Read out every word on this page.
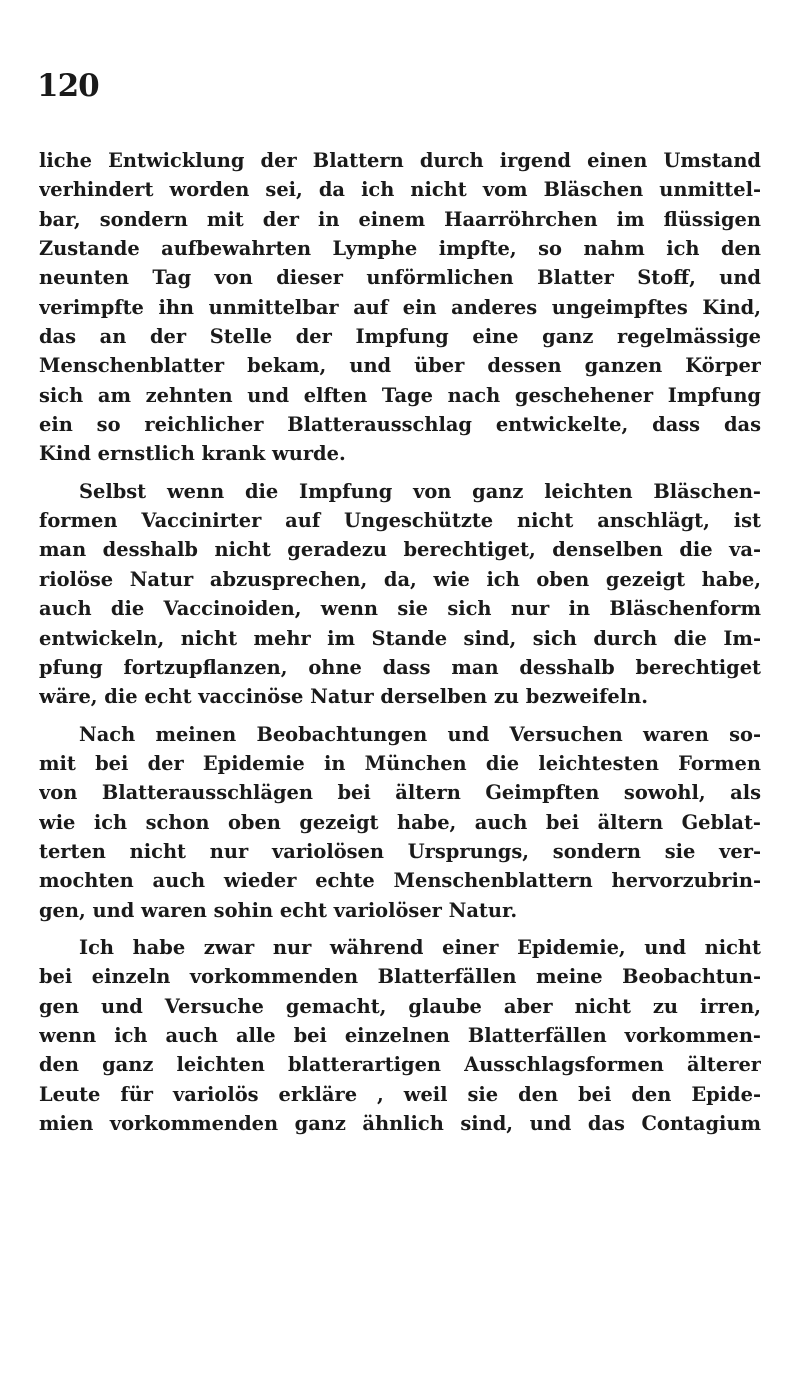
120
liche Entwicklung der Blattern durch irgend einen Umstand
verhindert worden sei, da ich nicht vom Bläschen unmittel-
bar, sondern mit der in einem Haarröhrchen im flüssigen
Zustande aufbewahrten Lymphe impfte, so nahm ich den
neunten Tag von dieser unförmlichen Blatter Stoff, und
verimpfte ihn unmittelbar auf ein anderes ungeimpftes Kind,
das an der Stelle der Impfung eine ganz regelmässige
Menschenblatter bekam, und über dessen ganzen Körper
sich am zehnten und elften Tage nach geschehener Impfung
ein so reichlicher Blatterausschlag entwickelte, dass das
Kind ernstlich krank wurde.
Selbst wenn die Impfung von ganz leichten Bläschen-
formen Vaccinirter auf Ungeschützte nicht anschlägt, ist
man desshalb nicht geradezu berechtiget, denselben die va-
riolöse Natur abzusprechen, da, wie ich oben gezeigt habe,
auch die Vaccinoiden, wenn sie sich nur in Bläschenform
entwickeln, nicht mehr im Stande sind, sich durch die Im-
pfung fortzupflanzen, ohne dass man desshalb berechtiget
wäre, die echt vaccinöse Natur derselben zu bezweifeln.
Nach meinen Beobachtungen und Versuchen waren so-
mit bei der Epidemie in München die leichtesten Formen
von Blatterausschlägen bei ältern Geimpften sowohl, als
wie ich schon oben gezeigt habe, auch bei ältern Geblat-
terten nicht nur variolösen Ursprungs, sondern sie ver-
mochten auch wieder echte Menschenblattern hervorzubrin-
gen, und waren sohin echt variolöser Natur.
Ich habe zwar nur während einer Epidemie, und nicht
bei einzeln vorkommenden Blatterfällen meine Beobachtun-
gen und Versuche gemacht, glaube aber nicht zu irren,
wenn ich auch alle bei einzelnen Blatterfällen vorkommen-
den ganz leichten blatterartigen Ausschlagsformen älterer
Leute für variolös erkläre , weil sie den bei den Epide-
mien vorkommenden ganz ähnlich sind, und das Contagium
